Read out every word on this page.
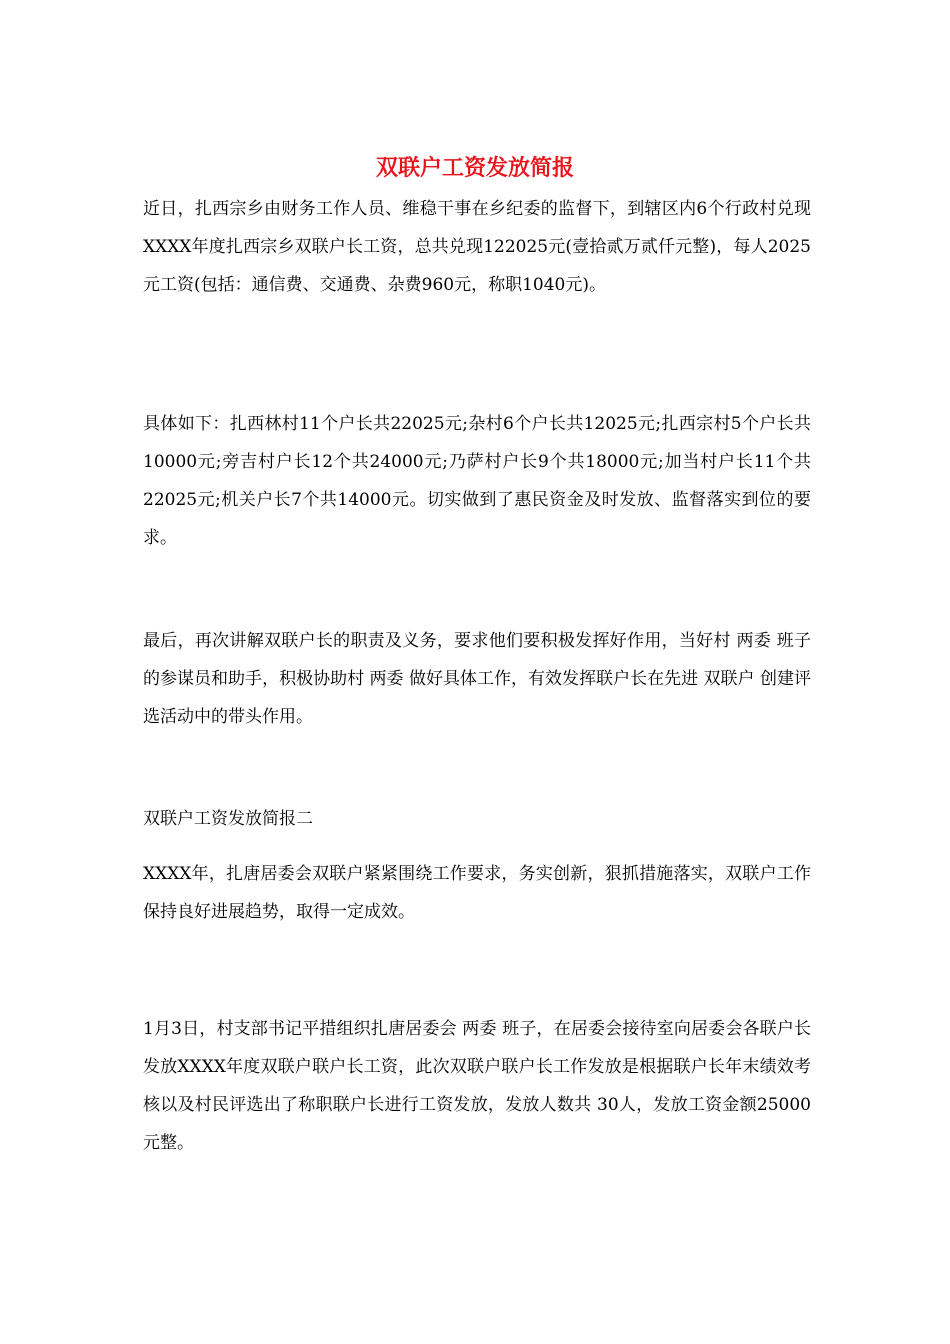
双联户工资发放简报

近日，扎西宗乡由财务工作人员、维稳干事在乡纪委的监督下，到辖区内6个行政村兑现XXXX年度扎西宗乡双联户长工资，总共兑现122025元(壹拾贰万贰仟元整)，每人2025元工资(包括：通信费、交通费、杂费960元，称职1040元)。

具体如下：扎西林村11个户长共22025元;杂村6个户长共12025元;扎西宗村5个户长共10000元;旁吉村户长12个共24000元;乃萨村户长9个共18000元;加当村户长11个共22025元;机关户长7个共14000元。切实做到了惠民资金及时发放、监督落实到位的要求。

最后，再次讲解双联户长的职责及义务，要求他们要积极发挥好作用，当好村 两委 班子的参谋员和助手，积极协助村 两委 做好具体工作，有效发挥联户长在先进 双联户 创建评选活动中的带头作用。

双联户工资发放简报二

XXXX年，扎唐居委会双联户紧紧围绕工作要求，务实创新，狠抓措施落实，双联户工作保持良好进展趋势，取得一定成效。

1月3日，村支部书记平措组织扎唐居委会 两委 班子，在居委会接待室向居委会各联户长发放XXXX年度双联户联户长工资，此次双联户联户长工作发放是根据联户长年末绩效考核以及村民评选出了称职联户长进行工资发放，发放人数共 30人，发放工资金额25000元整。
